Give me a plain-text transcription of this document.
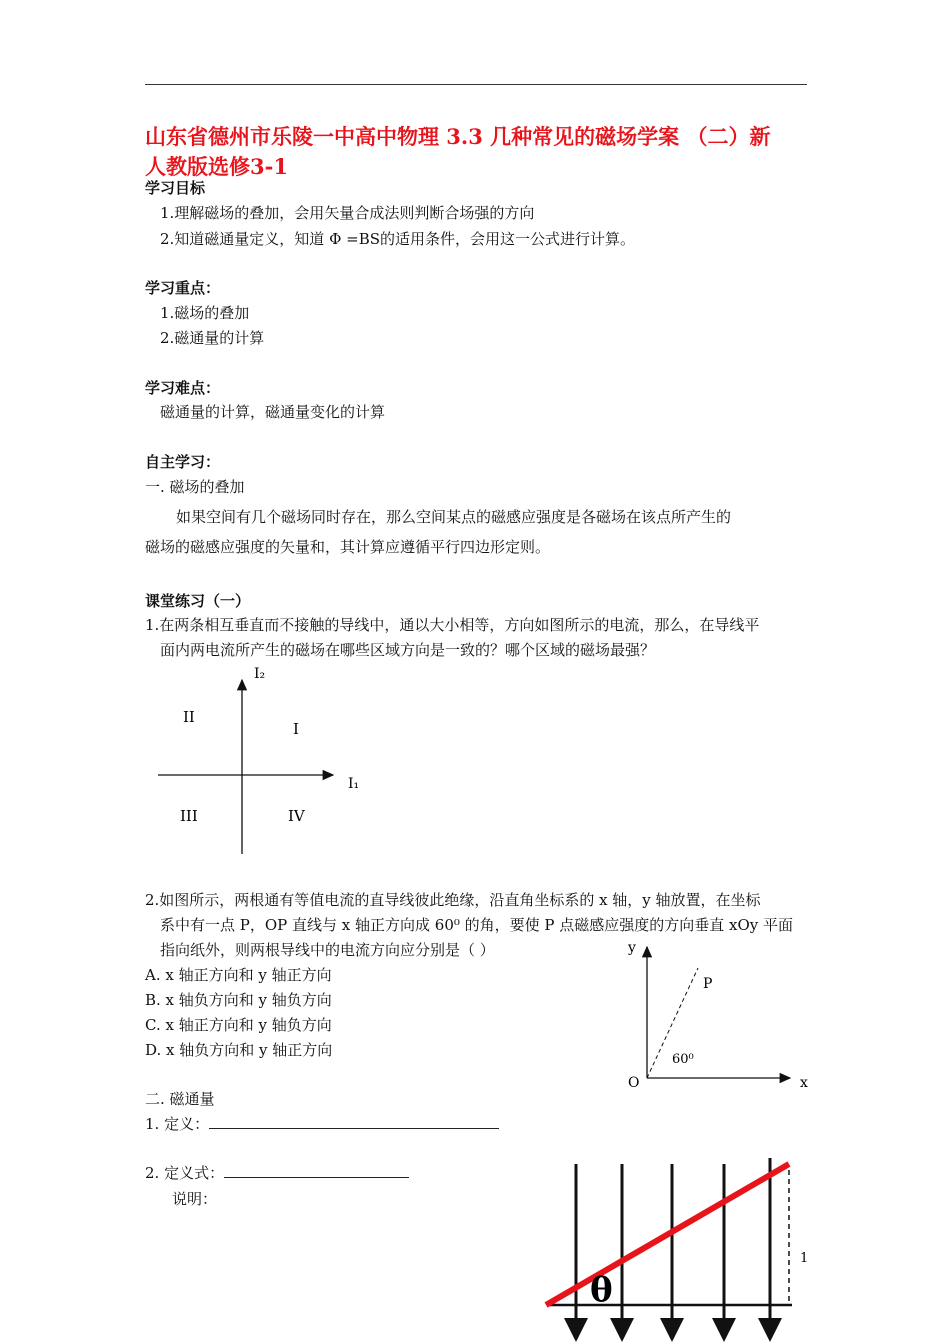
山东省德州市乐陵一中高中物理 3.3 几种常见的磁场学案 （二）新
人教版选修3-1
学习目标
1.理解磁场的叠加，会用矢量合成法则判断合场强的方向
2.知道磁通量定义，知道 Φ =BS的适用条件，会用这一公式进行计算。
学习重点：
1.磁场的叠加
2.磁通量的计算
学习难点：
磁通量的计算，磁通量变化的计算
自主学习：
一. 磁场的叠加
如果空间有几个磁场同时存在，那么空间某点的磁感应强度是各磁场在该点所产生的
磁场的磁感应强度的矢量和，其计算应遵循平行四边形定则。
课堂练习（一）
1.在两条相互垂直而不接触的导线中，通以大小相等，方向如图所示的电流，那么，在导线平
面内两电流所产生的磁场在哪些区域方向是一致的？哪个区域的磁场最强？
I₂
I₁
I
II
III	IV
2.如图所示，两根通有等值电流的直导线彼此绝缘，沿直角坐标系的 x 轴，y 轴放置，在坐标
系中有一点 P，OP 直线与 x 轴正方向成 60⁰ 的角，要使 P 点磁感应强度的方向垂直 xOy 平面
指向纸外，则两根导线中的电流方向应分别是（ ）
A. x 轴正方向和 y 轴正方向
B. x 轴负方向和 y 轴负方向
C. x 轴正方向和 y 轴负方向
D. x 轴负方向和 y 轴正方向
y
x
O
P
60⁰
二. 磁通量
1. 定义：
2. 定义式：
说明：
θ
1
